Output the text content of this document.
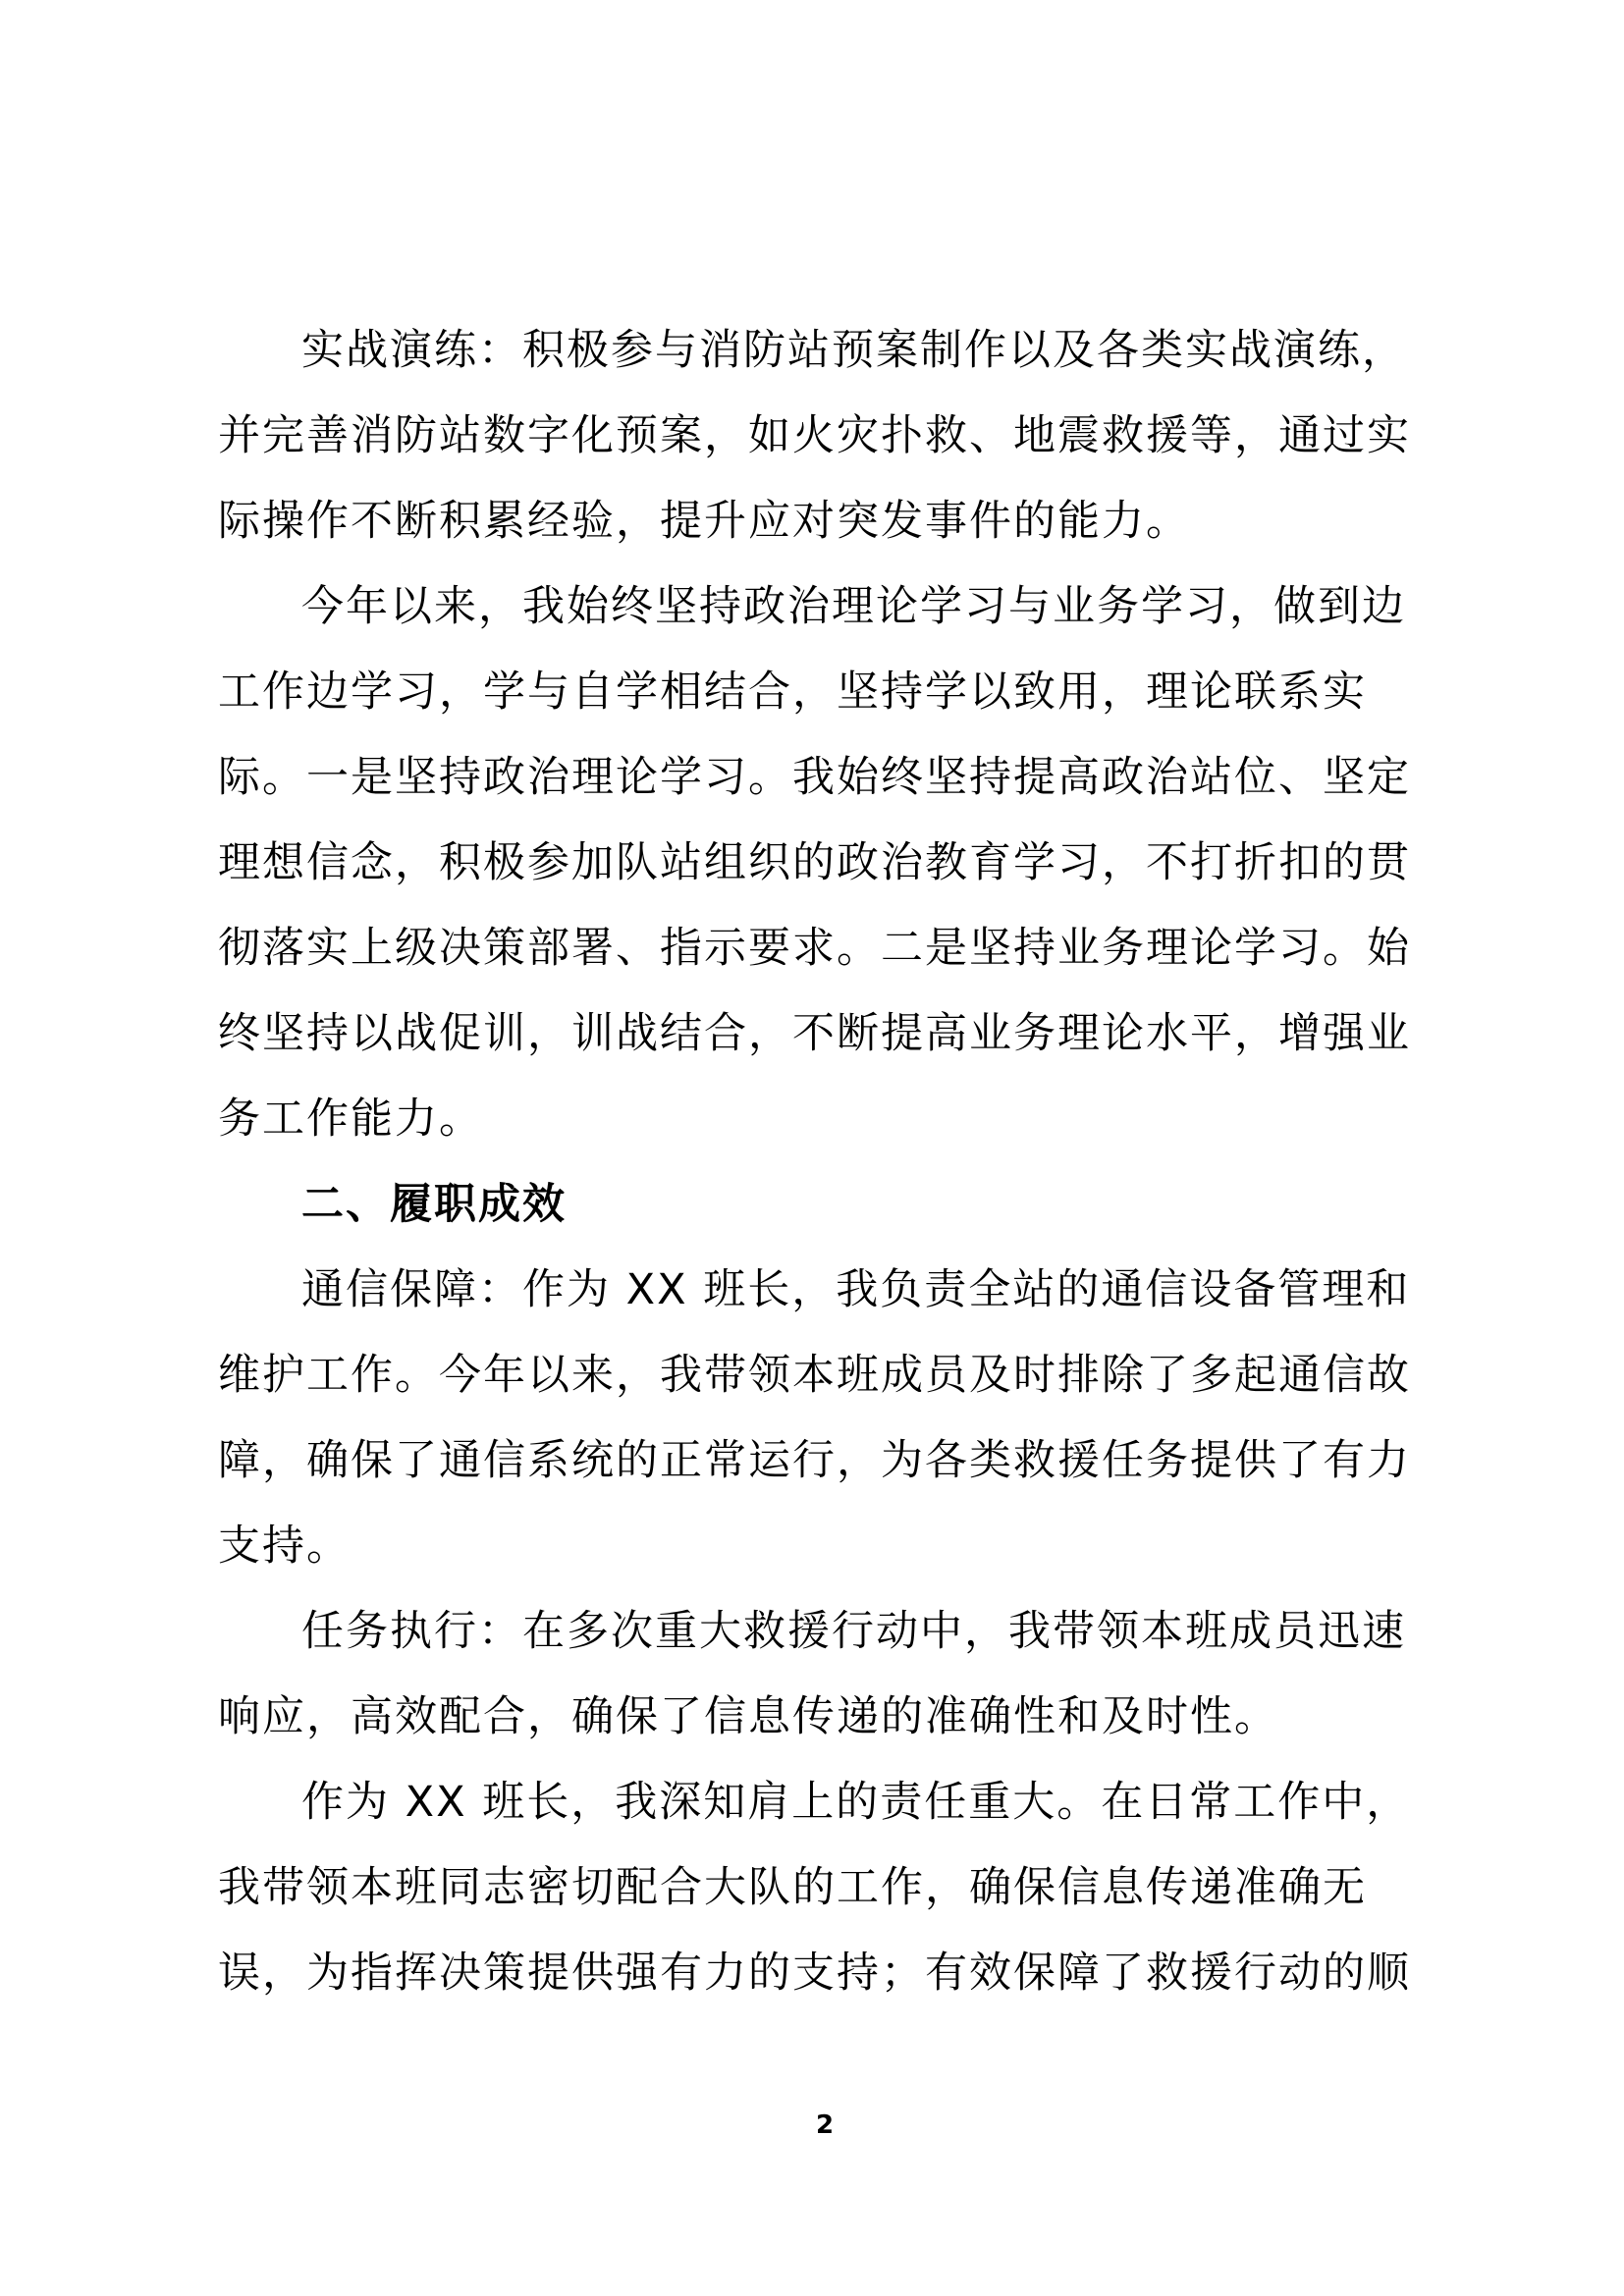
实战演练：积极参与消防站预案制作以及各类实战演练，
并完善消防站数字化预案，如火灾扑救、地震救援等，通过实
际操作不断积累经验，提升应对突发事件的能力。
今年以来，我始终坚持政治理论学习与业务学习，做到边
工作边学习，学与自学相结合，坚持学以致用，理论联系实
际。一是坚持政治理论学习。我始终坚持提高政治站位、坚定
理想信念，积极参加队站组织的政治教育学习，不打折扣的贯
彻落实上级决策部署、指示要求。二是坚持业务理论学习。始
终坚持以战促训，训战结合，不断提高业务理论水平，增强业
务工作能力。
二、履职成效
通信保障：作为 XX 班长，我负责全站的通信设备管理和
维护工作。今年以来，我带领本班成员及时排除了多起通信故
障，确保了通信系统的正常运行，为各类救援任务提供了有力
支持。
任务执行：在多次重大救援行动中，我带领本班成员迅速
响应，高效配合，确保了信息传递的准确性和及时性。
作为 XX 班长，我深知肩上的责任重大。在日常工作中，
我带领本班同志密切配合大队的工作，确保信息传递准确无
误，为指挥决策提供强有力的支持；有效保障了救援行动的顺
2
